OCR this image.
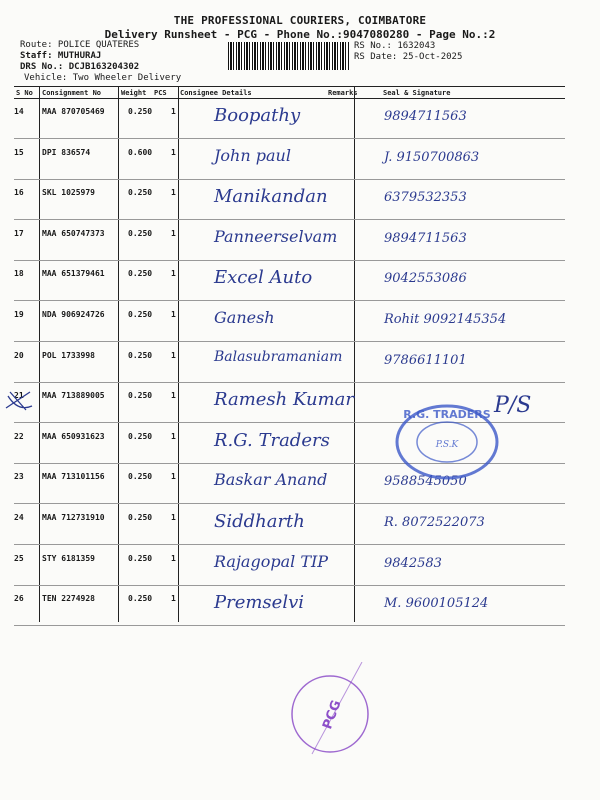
THE PROFESSIONAL COURIERS, COIMBATORE
Delivery Runsheet - PCG - Phone No.:9047080280 - Page No.:2
Route: POLICE QUATERES
Staff: MUTHURAJ
DRS No.: DCJB163204302
Vehicle: Two Wheeler Delivery
RS No.: 1632043
RS Date: 25-Oct-2025
S No Consignment No	Weight PCS Consignee Details	Remarks	Seal & Signature
14 MAA 870705469	0.250 1 Boopathy	9894711563
15 DPI 836574	0.600 1 John paul	J. 9150700863
16 SKL 1025979	0.250 1 Manikandan	6379532353
17 MAA 650747373	0.250 1 Panneerselvam	9894711563
18 MAA 651379461	0.250 1 Excel Auto	9042553086
19 NDA 906924726	0.250 1 Ganesh	Rohit 9092145354
20 POL 1733998	0.250 1	Balasubramaniam	9786611101
21 MAA 713889005	0.250 1 Ramesh Kumar	P/S
22 MAA 650931623	0.250 1 R.G. Traders
23 MAA 713101156	0.250 1 Baskar Anand	9588545050
24 MAA 712731910	0.250 1 Siddharth	R. 8072522073
25 STY 6181359	0.250 1 Rajagopal TIP	9842583
26 TEN 2274928	0.250 1 Premselvi	M. 9600105124
R.G. TRADERS
P.S.K
PCG
